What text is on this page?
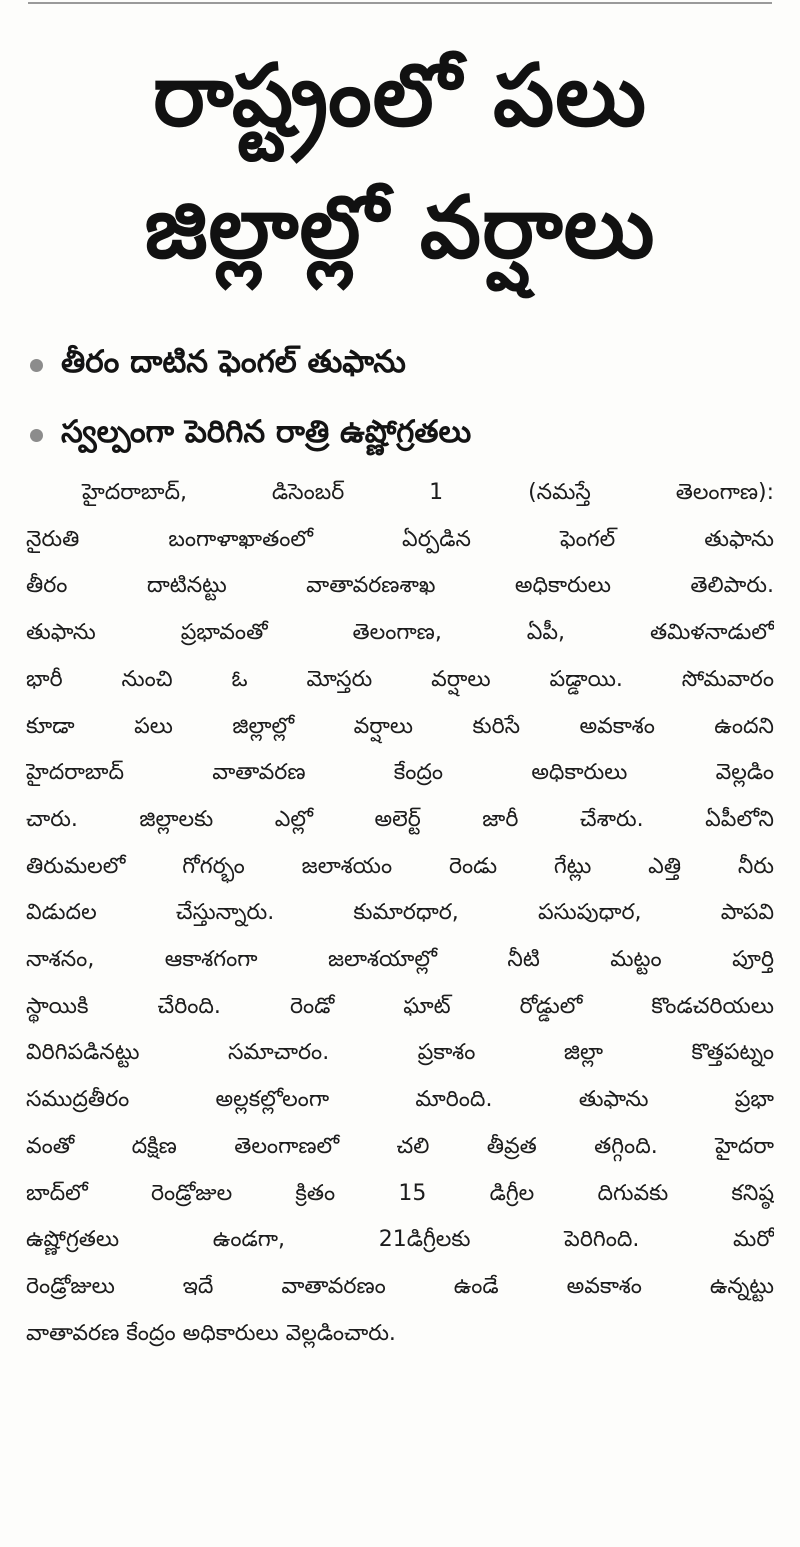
రాష్ట్రంలో పలు
జిల్లాల్లో వర్షాలు
తీరం దాటిన ఫెంగల్ తుఫాను
స్వల్పంగా పెరిగిన రాత్రి ఉష్ణోగ్రతలు
హైదరాబాద్, డిసెంబర్ 1 (నమస్తే తెలంగాణ):
నైరుతి బంగాళాఖాతంలో ఏర్పడిన ఫెంగల్ తుఫాను
తీరం దాటినట్టు వాతావరణశాఖ అధికారులు తెలిపారు.
తుఫాను ప్రభావంతో తెలంగాణ, ఏపీ, తమిళనాడులో
భారీ నుంచి ఓ మోస్తరు వర్షాలు పడ్డాయి. సోమవారం
కూడా పలు జిల్లాల్లో వర్షాలు కురిసే అవకాశం ఉందని
హైదరాబాద్ వాతావరణ కేంద్రం అధికారులు వెల్లడిం
చారు. జిల్లాలకు ఎల్లో అలెర్ట్ జారీ చేశారు. ఏపీలోని
తిరుమలలో గోగర్భం జలాశయం రెండు గేట్లు ఎత్తి నీరు
విడుదల చేస్తున్నారు. కుమారధార, పసుపుధార, పాపవి
నాశనం, ఆకాశగంగా జలాశయాల్లో నీటి మట్టం పూర్తి
స్థాయికి చేరింది. రెండో ఘాట్ రోడ్డులో కొండచరియలు
విరిగిపడినట్టు సమాచారం. ప్రకాశం జిల్లా కొత్తపట్నం
సముద్రతీరం అల్లకల్లోలంగా మారింది. తుఫాను ప్రభా
వంతో దక్షిణ తెలంగాణలో చలి తీవ్రత తగ్గింది. హైదరా
బాద్‌లో రెండ్రోజుల క్రితం 15 డిగ్రీల దిగువకు కనిష్ఠ
ఉష్ణోగ్రతలు ఉండగా, 21డిగ్రీలకు పెరిగింది. మరో
రెండ్రోజులు ఇదే వాతావరణం ఉండే అవకాశం ఉన్నట్టు
వాతావరణ కేంద్రం అధికారులు వెల్లడించారు.
